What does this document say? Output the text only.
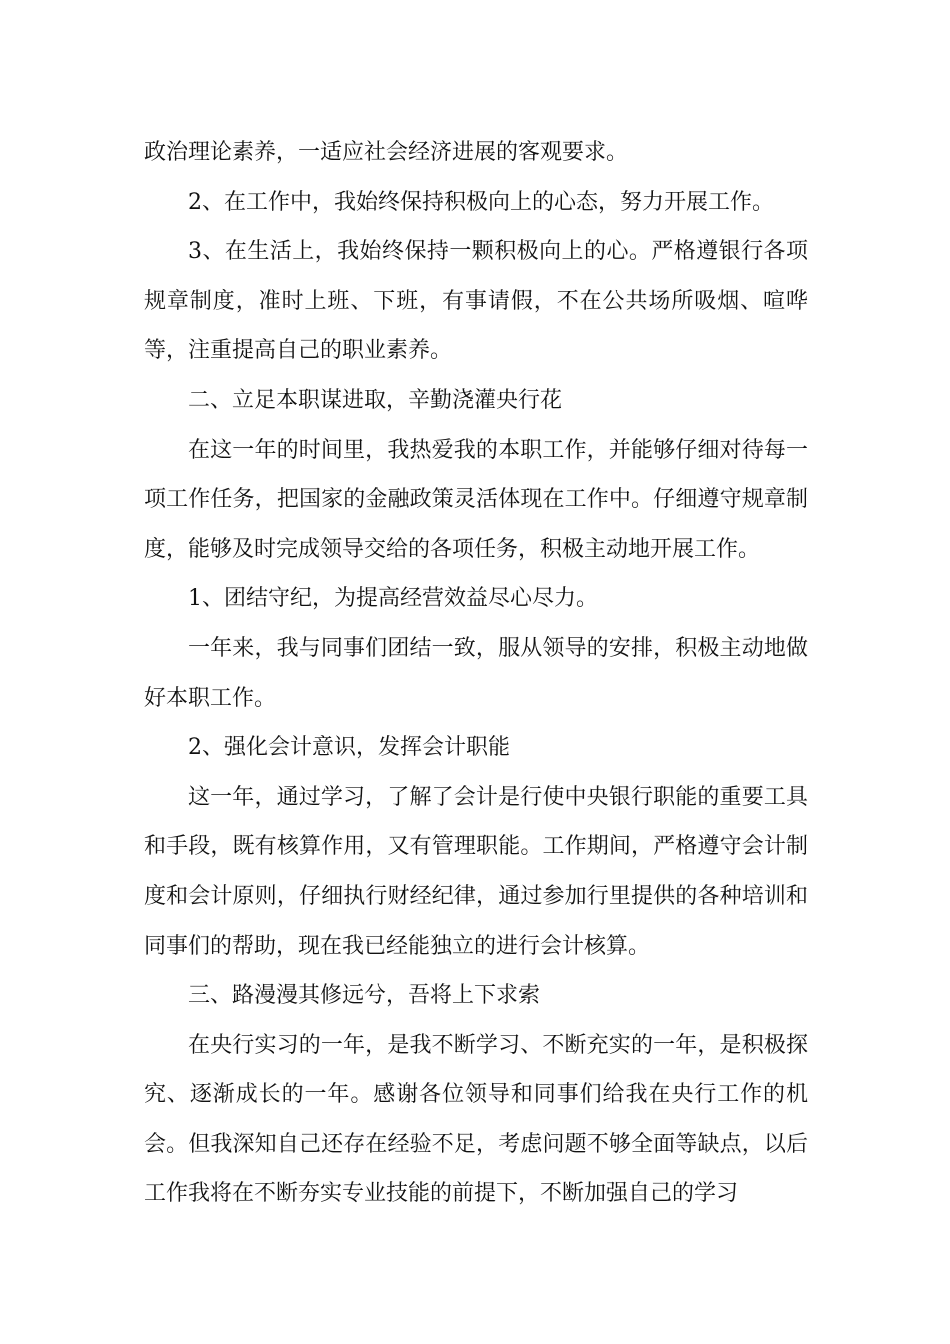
政治理论素养，一适应社会经济进展的客观要求。

2、在工作中，我始终保持积极向上的心态，努力开展工作。

3、在生活上，我始终保持一颗积极向上的心。严格遵银行各项规章制度，准时上班、下班，有事请假，不在公共场所吸烟、喧哗等，注重提高自己的职业素养。

二、立足本职谋进取，辛勤浇灌央行花

在这一年的时间里，我热爱我的本职工作，并能够仔细对待每一项工作任务，把国家的金融政策灵活体现在工作中。仔细遵守规章制度，能够及时完成领导交给的各项任务，积极主动地开展工作。

1、团结守纪，为提高经营效益尽心尽力。

一年来，我与同事们团结一致，服从领导的安排，积极主动地做好本职工作。

2、强化会计意识，发挥会计职能

这一年，通过学习，了解了会计是行使中央银行职能的重要工具和手段，既有核算作用，又有管理职能。工作期间，严格遵守会计制度和会计原则，仔细执行财经纪律，通过参加行里提供的各种培训和同事们的帮助，现在我已经能独立的进行会计核算。

三、路漫漫其修远兮，吾将上下求索

在央行实习的一年，是我不断学习、不断充实的一年，是积极探究、逐渐成长的一年。感谢各位领导和同事们给我在央行工作的机会。但我深知自己还存在经验不足，考虑问题不够全面等缺点，以后工作我将在不断夯实专业技能的前提下，不断加强自己的学习
